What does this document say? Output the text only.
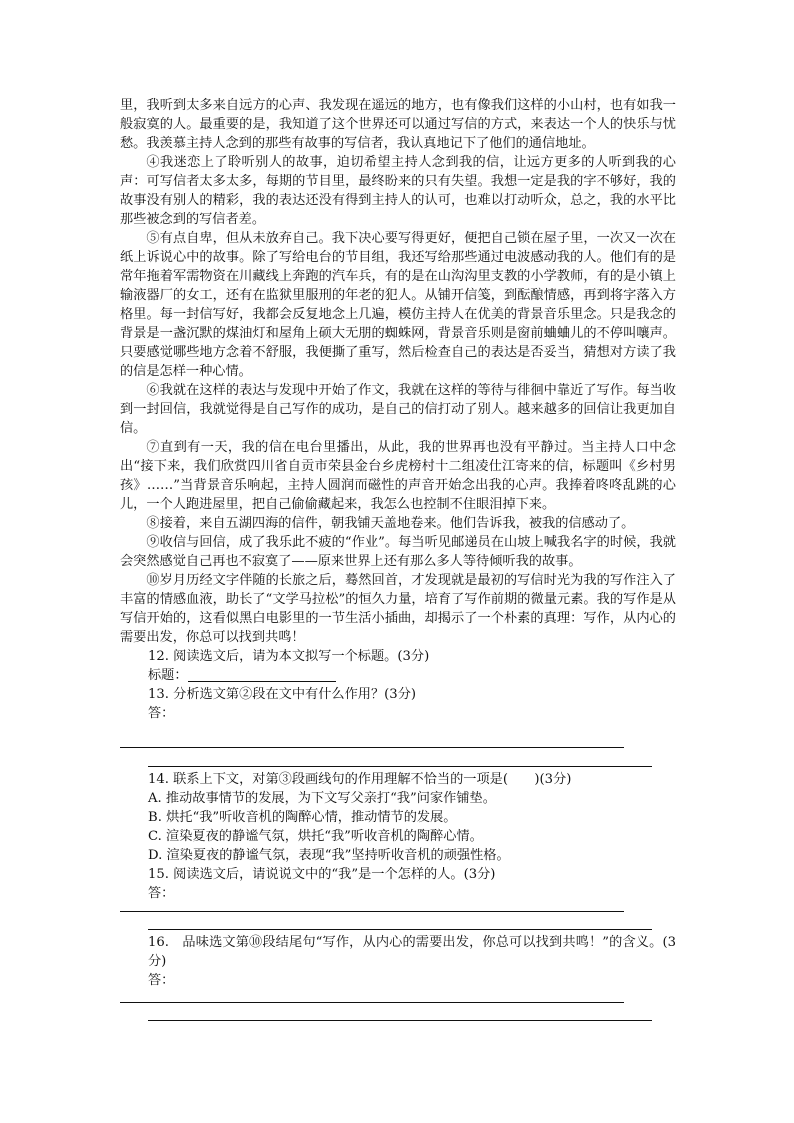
里，我听到太多来自远方的心声、我发现在遥远的地方，也有像我们这样的小山村，也有如我一般寂寞的人。最重要的是，我知道了这个世界还可以通过写信的方式，来表达一个人的快乐与忧愁。我羡慕主持人念到的那些有故事的写信者，我认真地记下了他们的通信地址。

④我迷恋上了聆听别人的故事，迫切希望主持人念到我的信，让远方更多的人听到我的心声：可写信者太多太多，每期的节目里，最终盼来的只有失望。我想一定是我的字不够好，我的故事没有别人的精彩，我的表达还没有得到主持人的认可，也难以打动听众，总之，我的水平比那些被念到的写信者差。

⑤有点自卑，但从未放弃自己。我下决心要写得更好，便把自己锁在屋子里，一次又一次在纸上诉说心中的故事。除了写给电台的节目组，我还写给那些通过电波感动我的人。他们有的是常年拖着军需物资在川藏线上奔跑的汽车兵，有的是在山沟沟里支教的小学教师，有的是小镇上输液器厂的女工，还有在监狱里服刑的年老的犯人。从铺开信笺，到酝酿情感，再到将字落入方格里。每一封信写好，我都会反复地念上几遍，模仿主持人在优美的背景音乐里念。只是我念的背景是一盏沉默的煤油灯和屋角上硕大无朋的蜘蛛网，背景音乐则是窗前蛐蛐儿的不停叫嚷声。只要感觉哪些地方念着不舒服，我便撕了重写，然后检查自己的表达是否妥当，猜想对方读了我的信是怎样一种心情。

⑥我就在这样的表达与发现中开始了作文，我就在这样的等待与徘徊中靠近了写作。每当收到一封回信，我就觉得是自己写作的成功，是自己的信打动了别人。越来越多的回信让我更加自信。

⑦直到有一天，我的信在电台里播出，从此，我的世界再也没有平静过。当主持人口中念出“接下来，我们欣赏四川省自贡市荣县金台乡虎榜村十二组凌仕江寄来的信，标题叫《乡村男孩》……”当背景音乐响起，主持人圆润而磁性的声音开始念出我的心声。我捧着咚咚乱跳的心儿，一个人跑进屋里，把自己偷偷藏起来，我怎么也控制不住眼泪掉下来。

⑧接着，来自五湖四海的信件，朝我铺天盖地卷来。他们告诉我，被我的信感动了。

⑨收信与回信，成了我乐此不疲的“作业”。每当听见邮递员在山坡上喊我名字的时候，我就会突然感觉自己再也不寂寞了——原来世界上还有那么多人等待倾听我的故事。

⑩岁月历经文字伴随的长旅之后，蓦然回首，才发现就是最初的写信时光为我的写作注入了丰富的情感血液，助长了“文学马拉松”的恒久力量，培育了写作前期的微量元素。我的写作是从写信开始的，这看似黑白电影里的一节生活小插曲，却揭示了一个朴素的真理：写作，从内心的需要出发，你总可以找到共鸣！

12. 阅读选文后，请为本文拟写一个标题。(3分)

标题：

13. 分析选文第②段在文中有什么作用？(3分)

答：

14. 联系上下文，对第③段画线句的作用理解不恰当的一项是(　　)(3分)

A. 推动故事情节的发展，为下文写父亲打“我”问家作铺垫。

B. 烘托“我”听收音机的陶醉心情，推动情节的发展。

C. 渲染夏夜的静谧气氛，烘托“我”听收音机的陶醉心情。

D. 渲染夏夜的静谧气氛，表现“我”坚持听收音机的顽强性格。

15. 阅读选文后，请说说文中的“我”是一个怎样的人。(3分)

答：

16.　品味选文第⑩段结尾句“写作，从内心的需要出发，你总可以找到共鸣！”的含义。(3分)

答：
